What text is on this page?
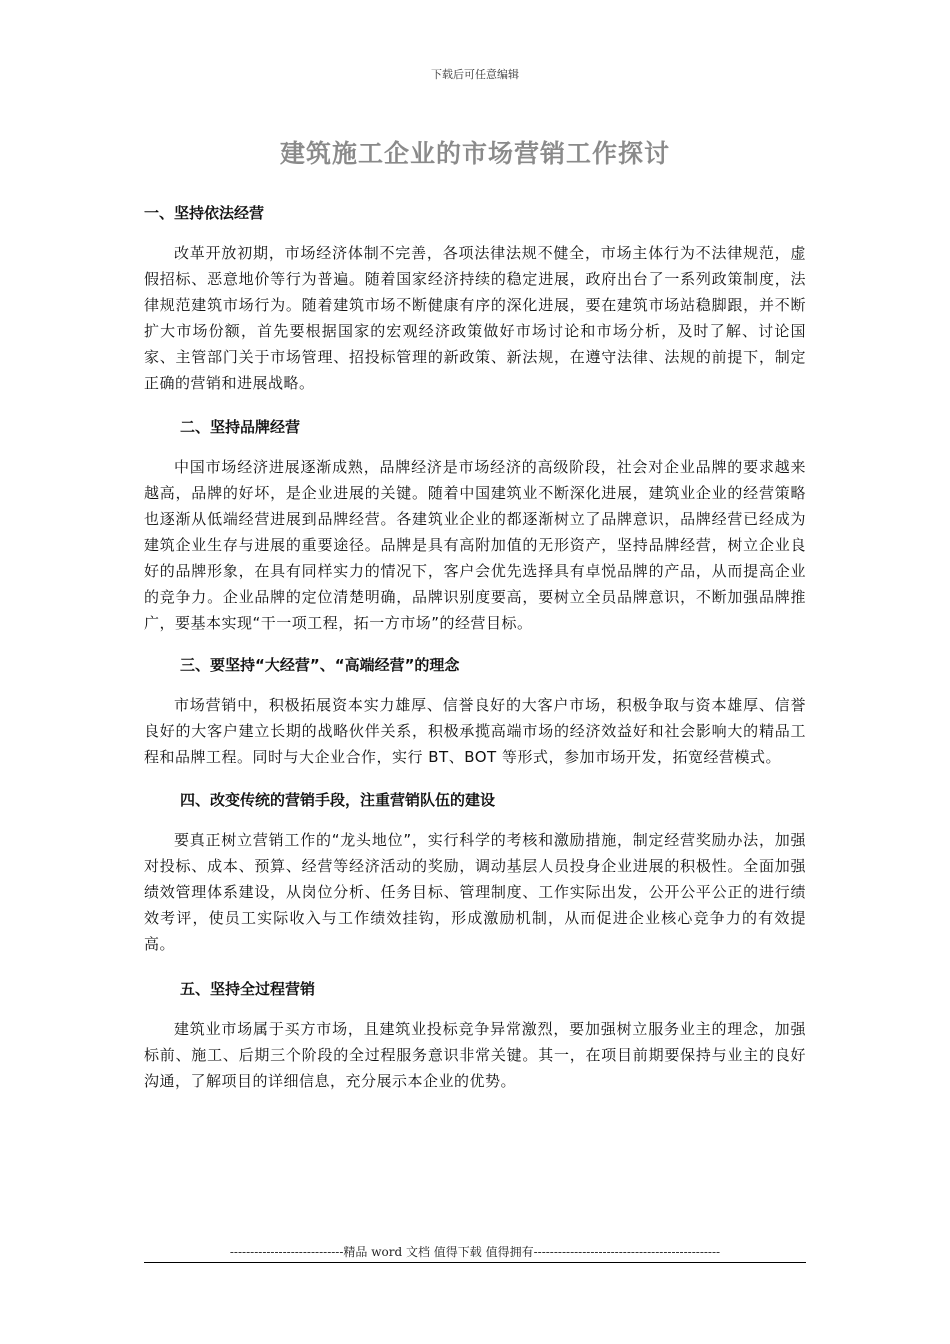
下载后可任意编辑
建筑施工企业的市场营销工作探讨

一、坚持依法经营

改革开放初期，市场经济体制不完善，各项法律法规不健全，市场主体行为不法律规范，虚假招标、恶意地价等行为普遍。随着国家经济持续的稳定进展，政府出台了一系列政策制度，法律规范建筑市场行为。随着建筑市场不断健康有序的深化进展，要在建筑市场站稳脚跟，并不断扩大市场份额，首先要根据国家的宏观经济政策做好市场讨论和市场分析，及时了解、讨论国家、主管部门关于市场管理、招投标管理的新政策、新法规，在遵守法律、法规的前提下，制定正确的营销和进展战略。

二、坚持品牌经营

中国市场经济进展逐渐成熟，品牌经济是市场经济的高级阶段，社会对企业品牌的要求越来越高，品牌的好坏，是企业进展的关键。随着中国建筑业不断深化进展，建筑业企业的经营策略也逐渐从低端经营进展到品牌经营。各建筑业企业的都逐渐树立了品牌意识，品牌经营已经成为建筑企业生存与进展的重要途径。品牌是具有高附加值的无形资产，坚持品牌经营，树立企业良好的品牌形象，在具有同样实力的情况下，客户会优先选择具有卓悦品牌的产品，从而提高企业的竞争力。企业品牌的定位清楚明确，品牌识别度要高，要树立全员品牌意识，不断加强品牌推广，要基本实现“干一项工程，拓一方市场”的经营目标。

三、要坚持“大经营”、“高端经营”的理念

市场营销中，积极拓展资本实力雄厚、信誉良好的大客户市场，积极争取与资本雄厚、信誉良好的大客户建立长期的战略伙伴关系，积极承揽高端市场的经济效益好和社会影响大的精品工程和品牌工程。同时与大企业合作，实行 BT、BOT 等形式，参加市场开发，拓宽经营模式。

四、改变传统的营销手段，注重营销队伍的建设

要真正树立营销工作的“龙头地位”，实行科学的考核和激励措施，制定经营奖励办法，加强对投标、成本、预算、经营等经济活动的奖励，调动基层人员投身企业进展的积极性。全面加强绩效管理体系建设，从岗位分析、任务目标、管理制度、工作实际出发，公开公平公正的进行绩效考评，使员工实际收入与工作绩效挂钩，形成激励机制，从而促进企业核心竞争力的有效提高。

五、坚持全过程营销

建筑业市场属于买方市场，且建筑业投标竞争异常激烈，要加强树立服务业主的理念，加强标前、施工、后期三个阶段的全过程服务意识非常关键。其一，在项目前期要保持与业主的良好沟通，了解项目的详细信息，充分展示本企业的优势。

----------------------------精品 word 文档 值得下载 值得拥有----------------------------------------------
